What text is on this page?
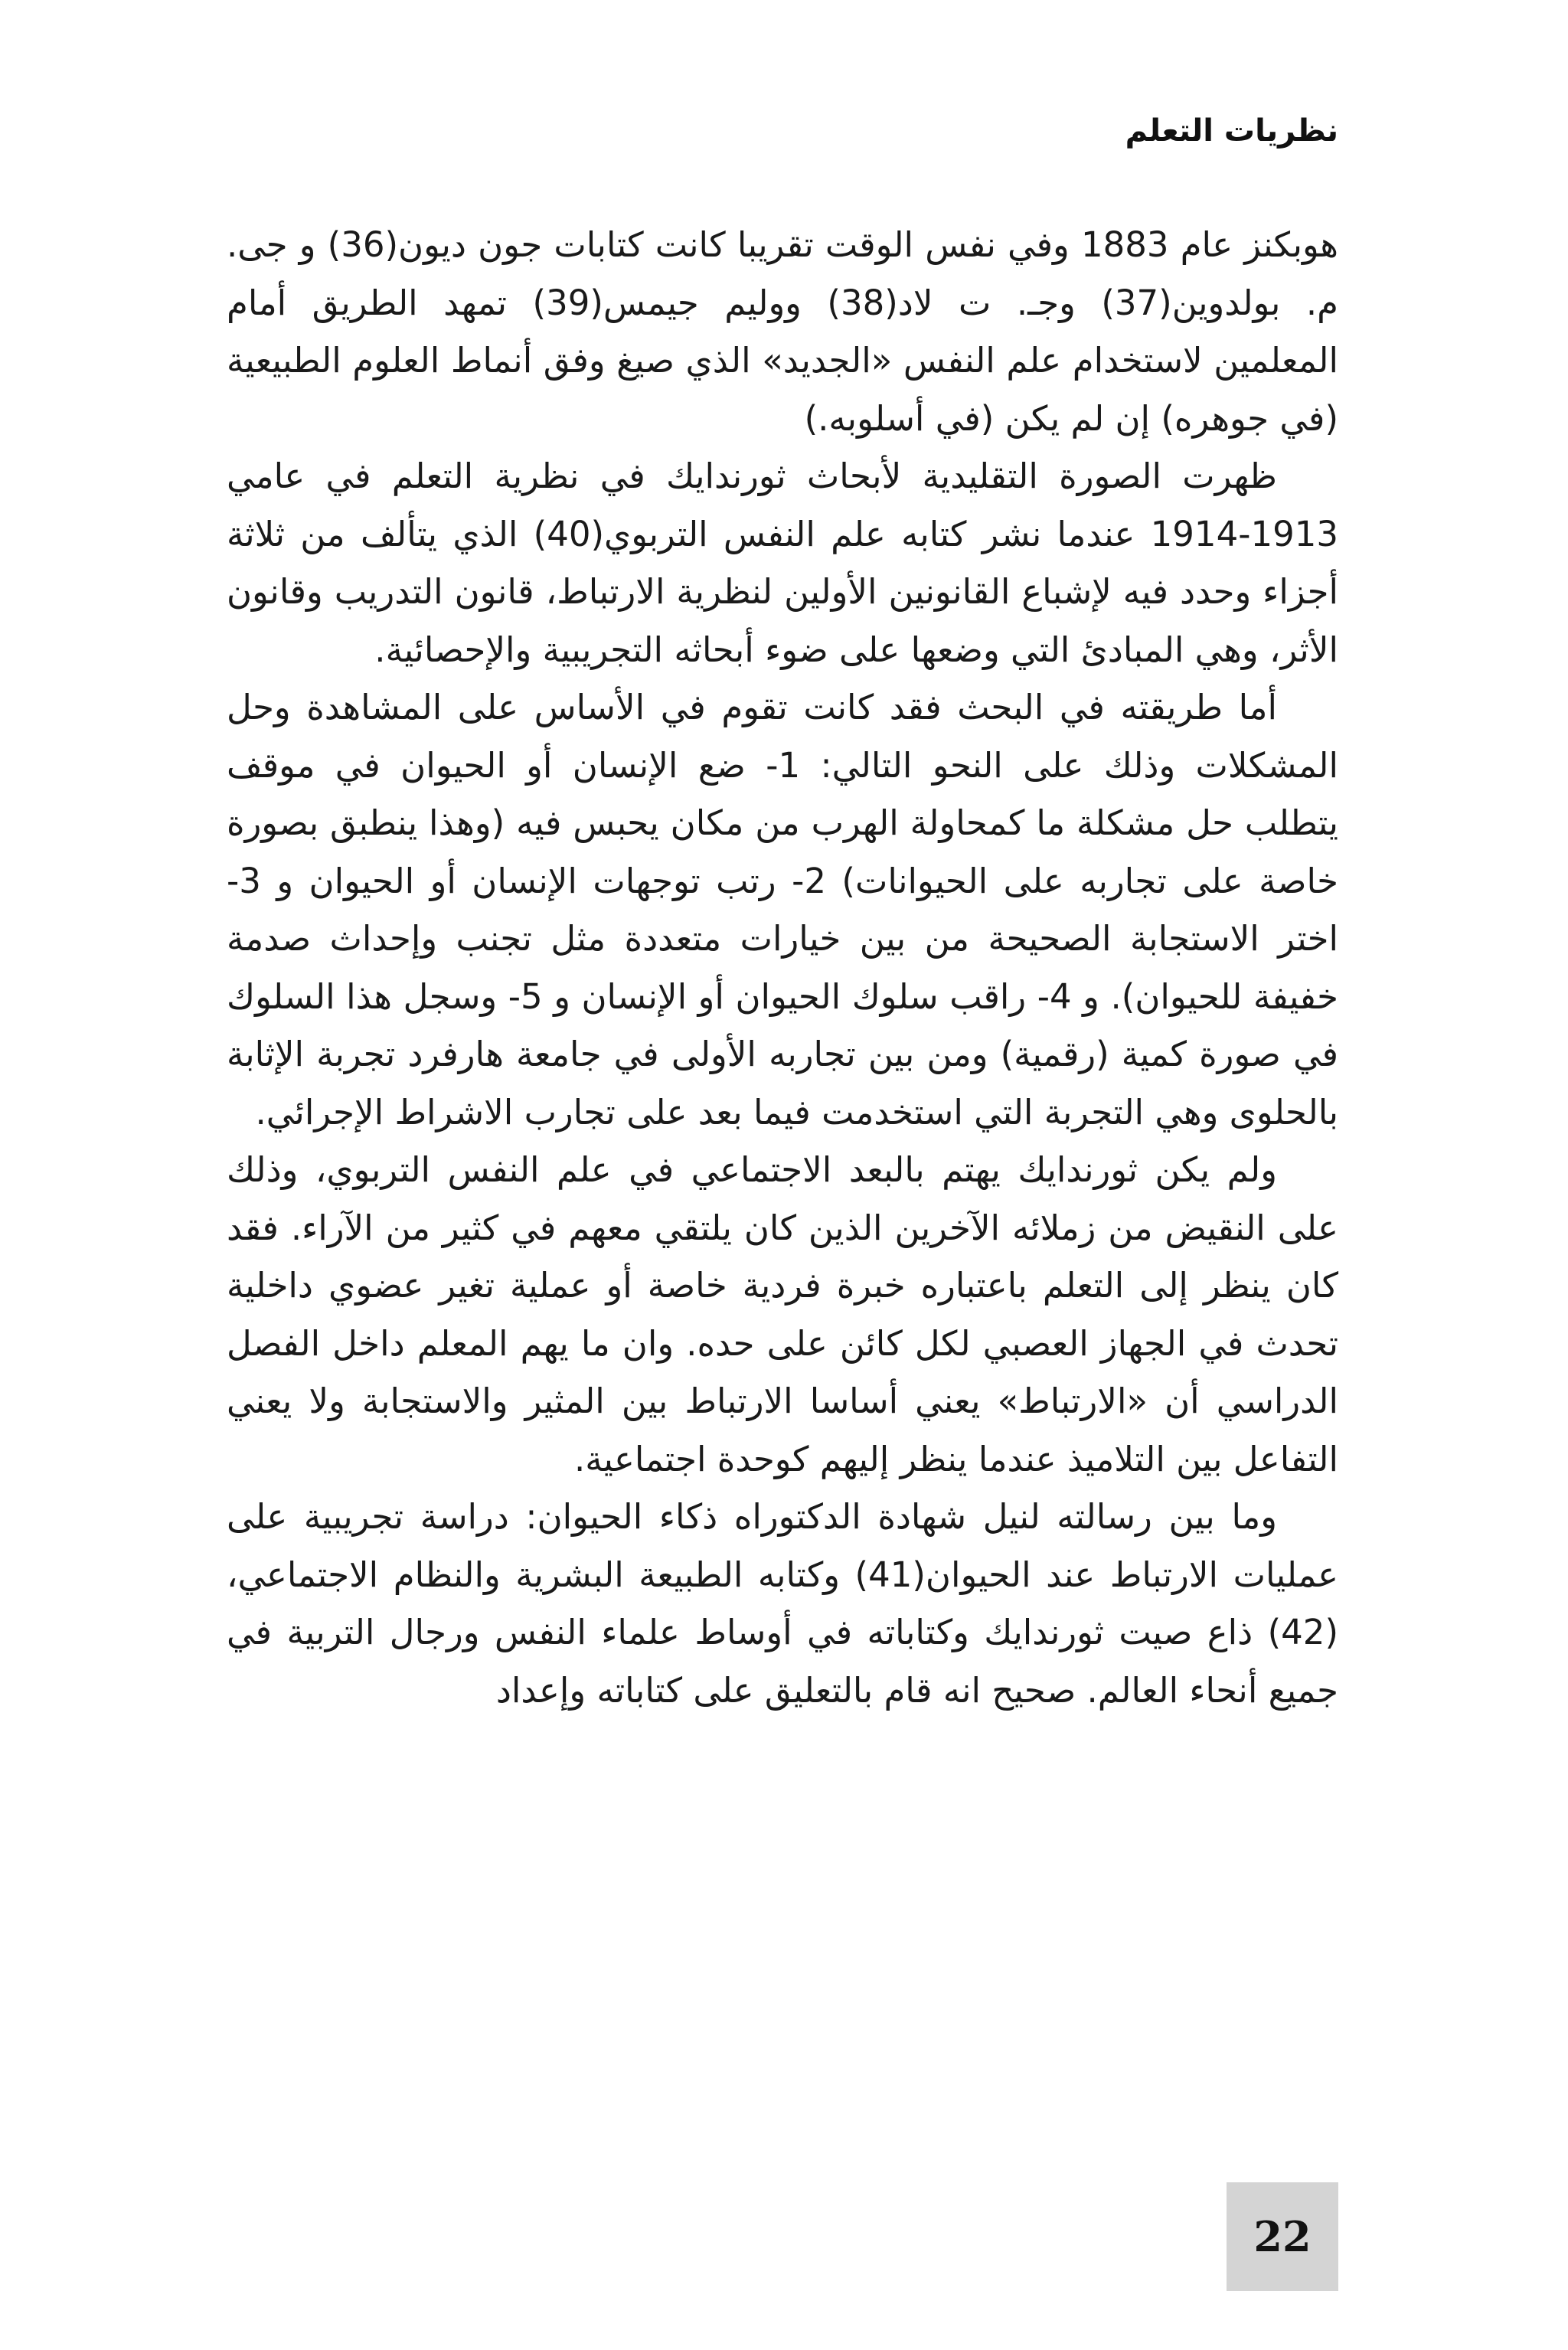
نظريات التعلم

هوبكنز عام 1883 وفي نفس الوقت تقريبا كانت كتابات جون ديون(36) و جى. م. بولدوين(37) وجـ. ت لاد(38) ووليم جيمس(39) تمهد الطريق أمام المعلمين لاستخدام علم النفس «الجديد» الذي صيغ وفق أنماط العلوم الطبيعية (في جوهره) إن لم يكن (في أسلوبه.)

ظهرت الصورة التقليدية لأبحاث ثورندايك في نظرية التعلم في عامي 1913-1914 عندما نشر كتابه علم النفس التربوي(40) الذي يتألف من ثلاثة أجزاء وحدد فيه لإشباع القانونين الأولين لنظرية الارتباط، قانون التدريب وقانون الأثر، وهي المبادئ التي وضعها على ضوء أبحاثه التجريبية والإحصائية.

أما طريقته في البحث فقد كانت تقوم في الأساس على المشاهدة وحل المشكلات وذلك على النحو التالي: 1- ضع الإنسان أو الحيوان في موقف يتطلب حل مشكلة ما كمحاولة الهرب من مكان يحبس فيه (وهذا ينطبق بصورة خاصة على تجاربه على الحيوانات) 2- رتب توجهات الإنسان أو الحيوان و 3- اختر الاستجابة الصحيحة من بين خيارات متعددة مثل تجنب وإحداث صدمة خفيفة للحيوان). و 4- راقب سلوك الحيوان أو الإنسان و 5- وسجل هذا السلوك في صورة كمية (رقمية) ومن بين تجاربه الأولى في جامعة هارفرد تجربة الإثابة بالحلوى وهي التجربة التي استخدمت فيما بعد على تجارب الاشراط الإجرائي.

ولم يكن ثورندايك يهتم بالبعد الاجتماعي في علم النفس التربوي، وذلك على النقيض من زملائه الآخرين الذين كان يلتقي معهم في كثير من الآراء. فقد كان ينظر إلى التعلم باعتباره خبرة فردية خاصة أو عملية تغير عضوي داخلية تحدث في الجهاز العصبي لكل كائن على حده. وان ما يهم المعلم داخل الفصل الدراسي أن «الارتباط» يعني أساسا الارتباط بين المثير والاستجابة ولا يعني التفاعل بين التلاميذ عندما ينظر إليهم كوحدة اجتماعية.

وما بين رسالته لنيل شهادة الدكتوراه ذكاء الحيوان: دراسة تجريبية على عمليات الارتباط عند الحيوان(41) وكتابه الطبيعة البشرية والنظام الاجتماعي،(42) ذاع صيت ثورندايك وكتاباته في أوساط علماء النفس ورجال التربية في جميع أنحاء العالم. صحيح انه قام بالتعليق على كتاباته وإعداد

22
